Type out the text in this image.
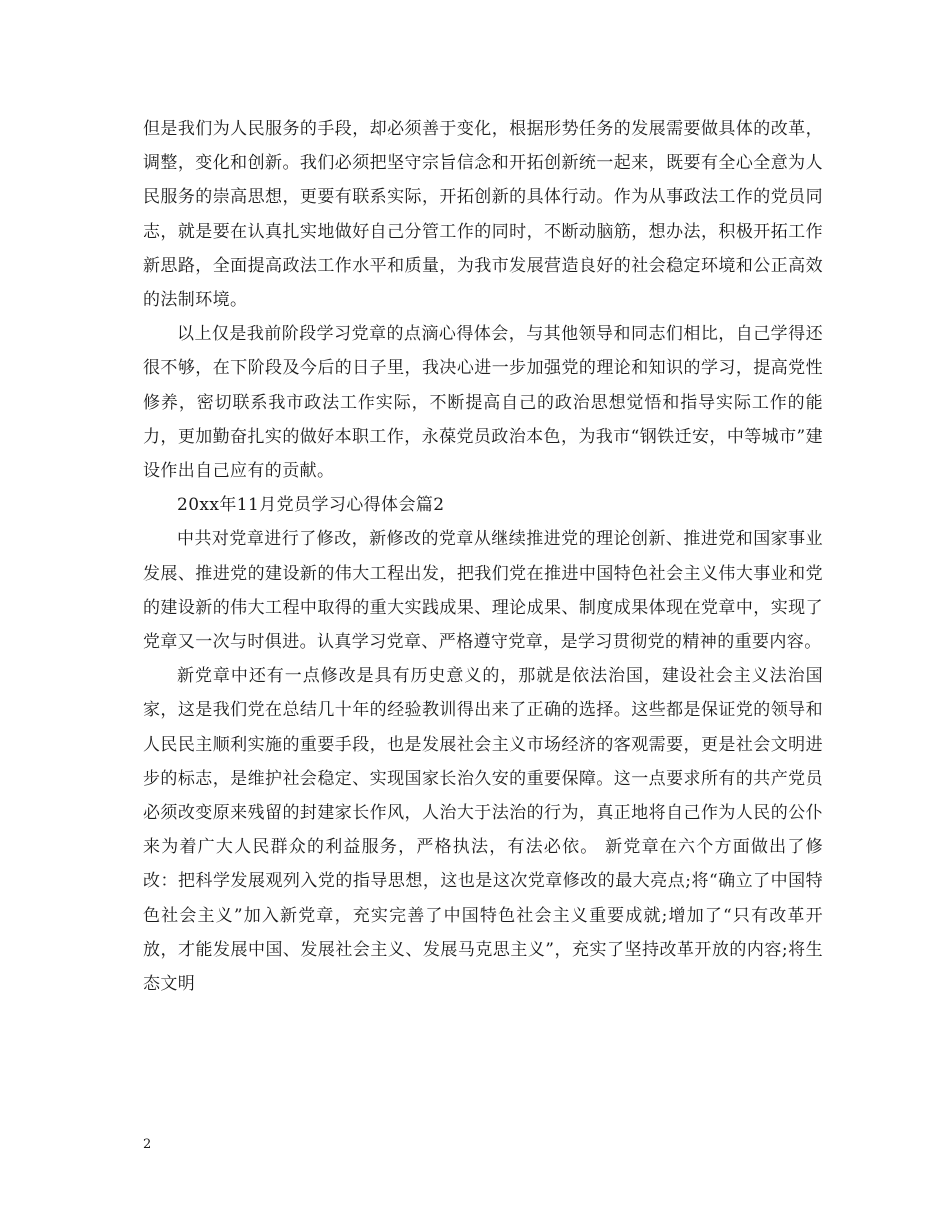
但是我们为人民服务的手段，却必须善于变化，根据形势任务的发展需要做具体的改革，调整，变化和创新。我们必须把坚守宗旨信念和开拓创新统一起来，既要有全心全意为人民服务的崇高思想，更要有联系实际，开拓创新的具体行动。作为从事政法工作的党员同志，就是要在认真扎实地做好自己分管工作的同时，不断动脑筋，想办法，积极开拓工作新思路，全面提高政法工作水平和质量，为我市发展营造良好的社会稳定环境和公正高效的法制环境。

以上仅是我前阶段学习党章的点滴心得体会，与其他领导和同志们相比，自己学得还很不够，在下阶段及今后的日子里，我决心进一步加强党的理论和知识的学习，提高党性修养，密切联系我市政法工作实际，不断提高自己的政治思想觉悟和指导实际工作的能力，更加勤奋扎实的做好本职工作，永葆党员政治本色，为我市“钢铁迁安，中等城市”建设作出自己应有的贡献。

20xx年11月党员学习心得体会篇2

中共对党章进行了修改，新修改的党章从继续推进党的理论创新、推进党和国家事业发展、推进党的建设新的伟大工程出发，把我们党在推进中国特色社会主义伟大事业和党的建设新的伟大工程中取得的重大实践成果、理论成果、制度成果体现在党章中，实现了党章又一次与时俱进。认真学习党章、严格遵守党章，是学习贯彻党的精神的重要内容。

新党章中还有一点修改是具有历史意义的，那就是依法治国，建设社会主义法治国家，这是我们党在总结几十年的经验教训得出来了正确的选择。这些都是保证党的领导和人民民主顺利实施的重要手段，也是发展社会主义市场经济的客观需要，更是社会文明进步的标志，是维护社会稳定、实现国家长治久安的重要保障。这一点要求所有的共产党员必须改变原来残留的封建家长作风，人治大于法治的行为，真正地将自己作为人民的公仆来为着广大人民群众的利益服务，严格执法，有法必依。 新党章在六个方面做出了修改：把科学发展观列入党的指导思想，这也是这次党章修改的最大亮点;将“确立了中国特色社会主义”加入新党章，充实完善了中国特色社会主义重要成就;增加了“只有改革开放，才能发展中国、发展社会主义、发展马克思主义”，充实了坚持改革开放的内容;将生态文明

2
